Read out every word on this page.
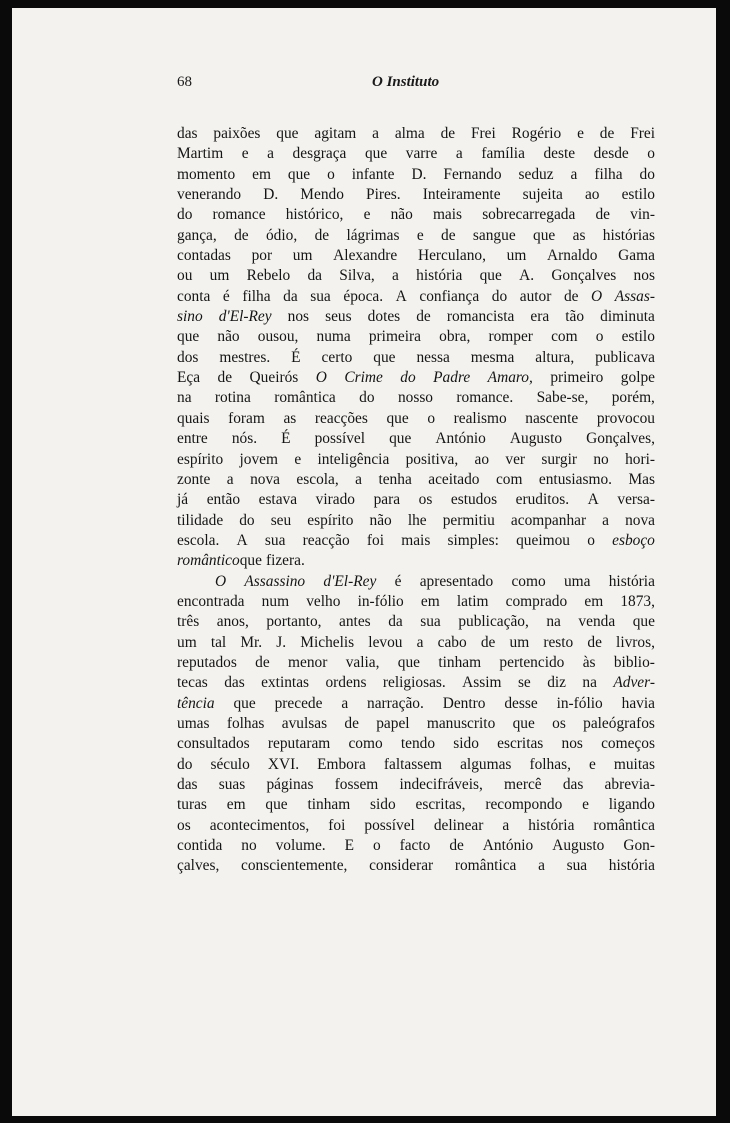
68	O Instituto
das paixões que agitam a alma de Frei Rogério e de Frei
Martim e a desgraça que varre a família deste desde o
momento em que o infante D. Fernando seduz a filha do
venerando D. Mendo Pires. Inteiramente sujeita ao estilo
do romance histórico, e não mais sobrecarregada de vin-
gança, de ódio, de lágrimas e de sangue que as histórias
contadas por um Alexandre Herculano, um Arnaldo Gama
ou um Rebelo da Silva, a história que A. Gonçalves nos
conta é filha da sua época. A confiança do autor de O Assas-
sino d'El-Rey nos seus dotes de romancista era tão diminuta
que não ousou, numa primeira obra, romper com o estilo
dos mestres. É certo que nessa mesma altura, publicava
Eça de Queirós O Crime do Padre Amaro, primeiro golpe
na rotina romântica do nosso romance. Sabe-se, porém,
quais foram as reacções que o realismo nascente provocou
entre nós. É possível que António Augusto Gonçalves,
espírito jovem e inteligência positiva, ao ver surgir no hori-
zonte a nova escola, a tenha aceitado com entusiasmo. Mas
já então estava virado para os estudos eruditos. A versa-
tilidade do seu espírito não lhe permitiu acompanhar a nova
escola. A sua reacção foi mais simples: queimou o esboço
romântico que fizera.
O Assassino d'El-Rey é apresentado como uma história
encontrada num velho in-fólio em latim comprado em 1873,
três anos, portanto, antes da sua publicação, na venda que
um tal Mr. J. Michelis levou a cabo de um resto de livros,
reputados de menor valia, que tinham pertencido às biblio-
tecas das extintas ordens religiosas. Assim se diz na Adver-
tência que precede a narração. Dentro desse in-fólio havia
umas folhas avulsas de papel manuscrito que os paleógrafos
consultados reputaram como tendo sido escritas nos começos
do século XVI. Embora faltassem algumas folhas, e muitas
das suas páginas fossem indecifráveis, mercê das abrevia-
turas em que tinham sido escritas, recompondo e ligando
os acontecimentos, foi possível delinear a história romântica
contida no volume. E o facto de António Augusto Gon-
çalves, conscientemente, considerar romântica a sua história
